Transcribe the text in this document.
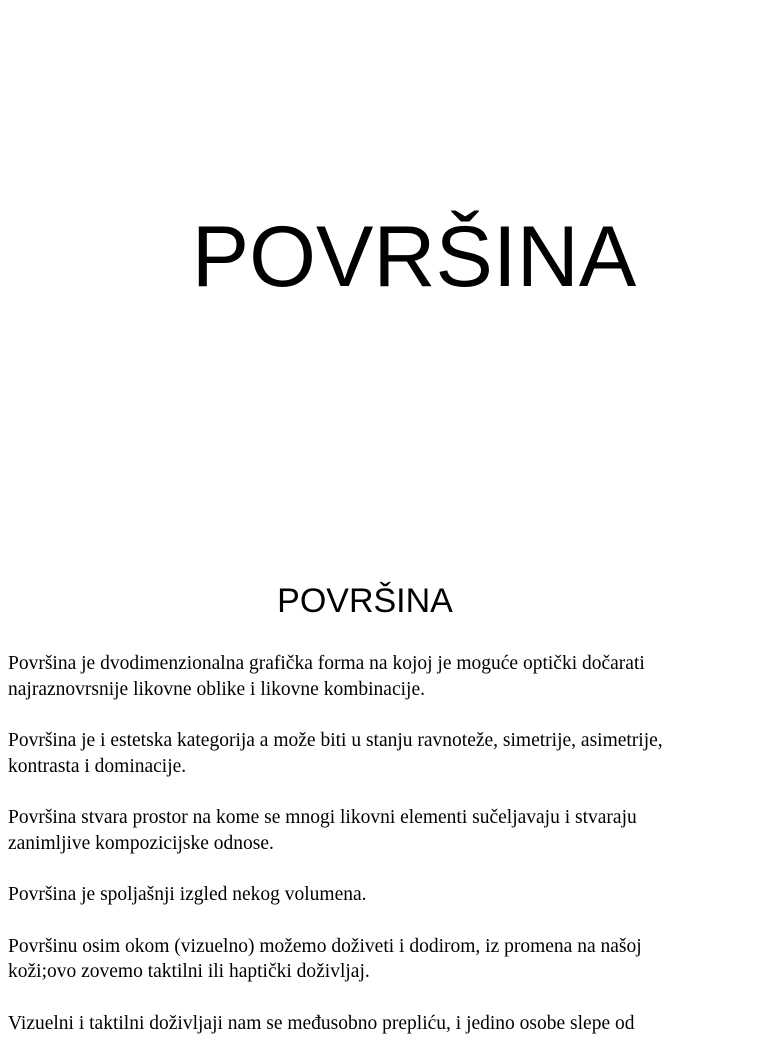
POVRŠINA
POVRŠINA

Površina je dvodimenzionalna grafička forma na kojoj je moguće optički dočarati
najraznovrsnije likovne oblike i likovne kombinacije.

Površina je i estetska kategorija a može biti u stanju ravnoteže, simetrije, asimetrije,
kontrasta i dominacije.

Površina stvara prostor na kome se mnogi likovni elementi sučeljavaju i stvaraju
zanimljive kompozicijske odnose.

Površina je spoljašnji izgled nekog volumena.

Površinu osim okom (vizuelno) možemo doživeti i dodirom, iz promena na našoj
koži;ovo zovemo taktilni ili haptički doživljaj.

Vizuelni i taktilni doživljaji nam se međusobno prepliću, i jedino osobe slepe od
